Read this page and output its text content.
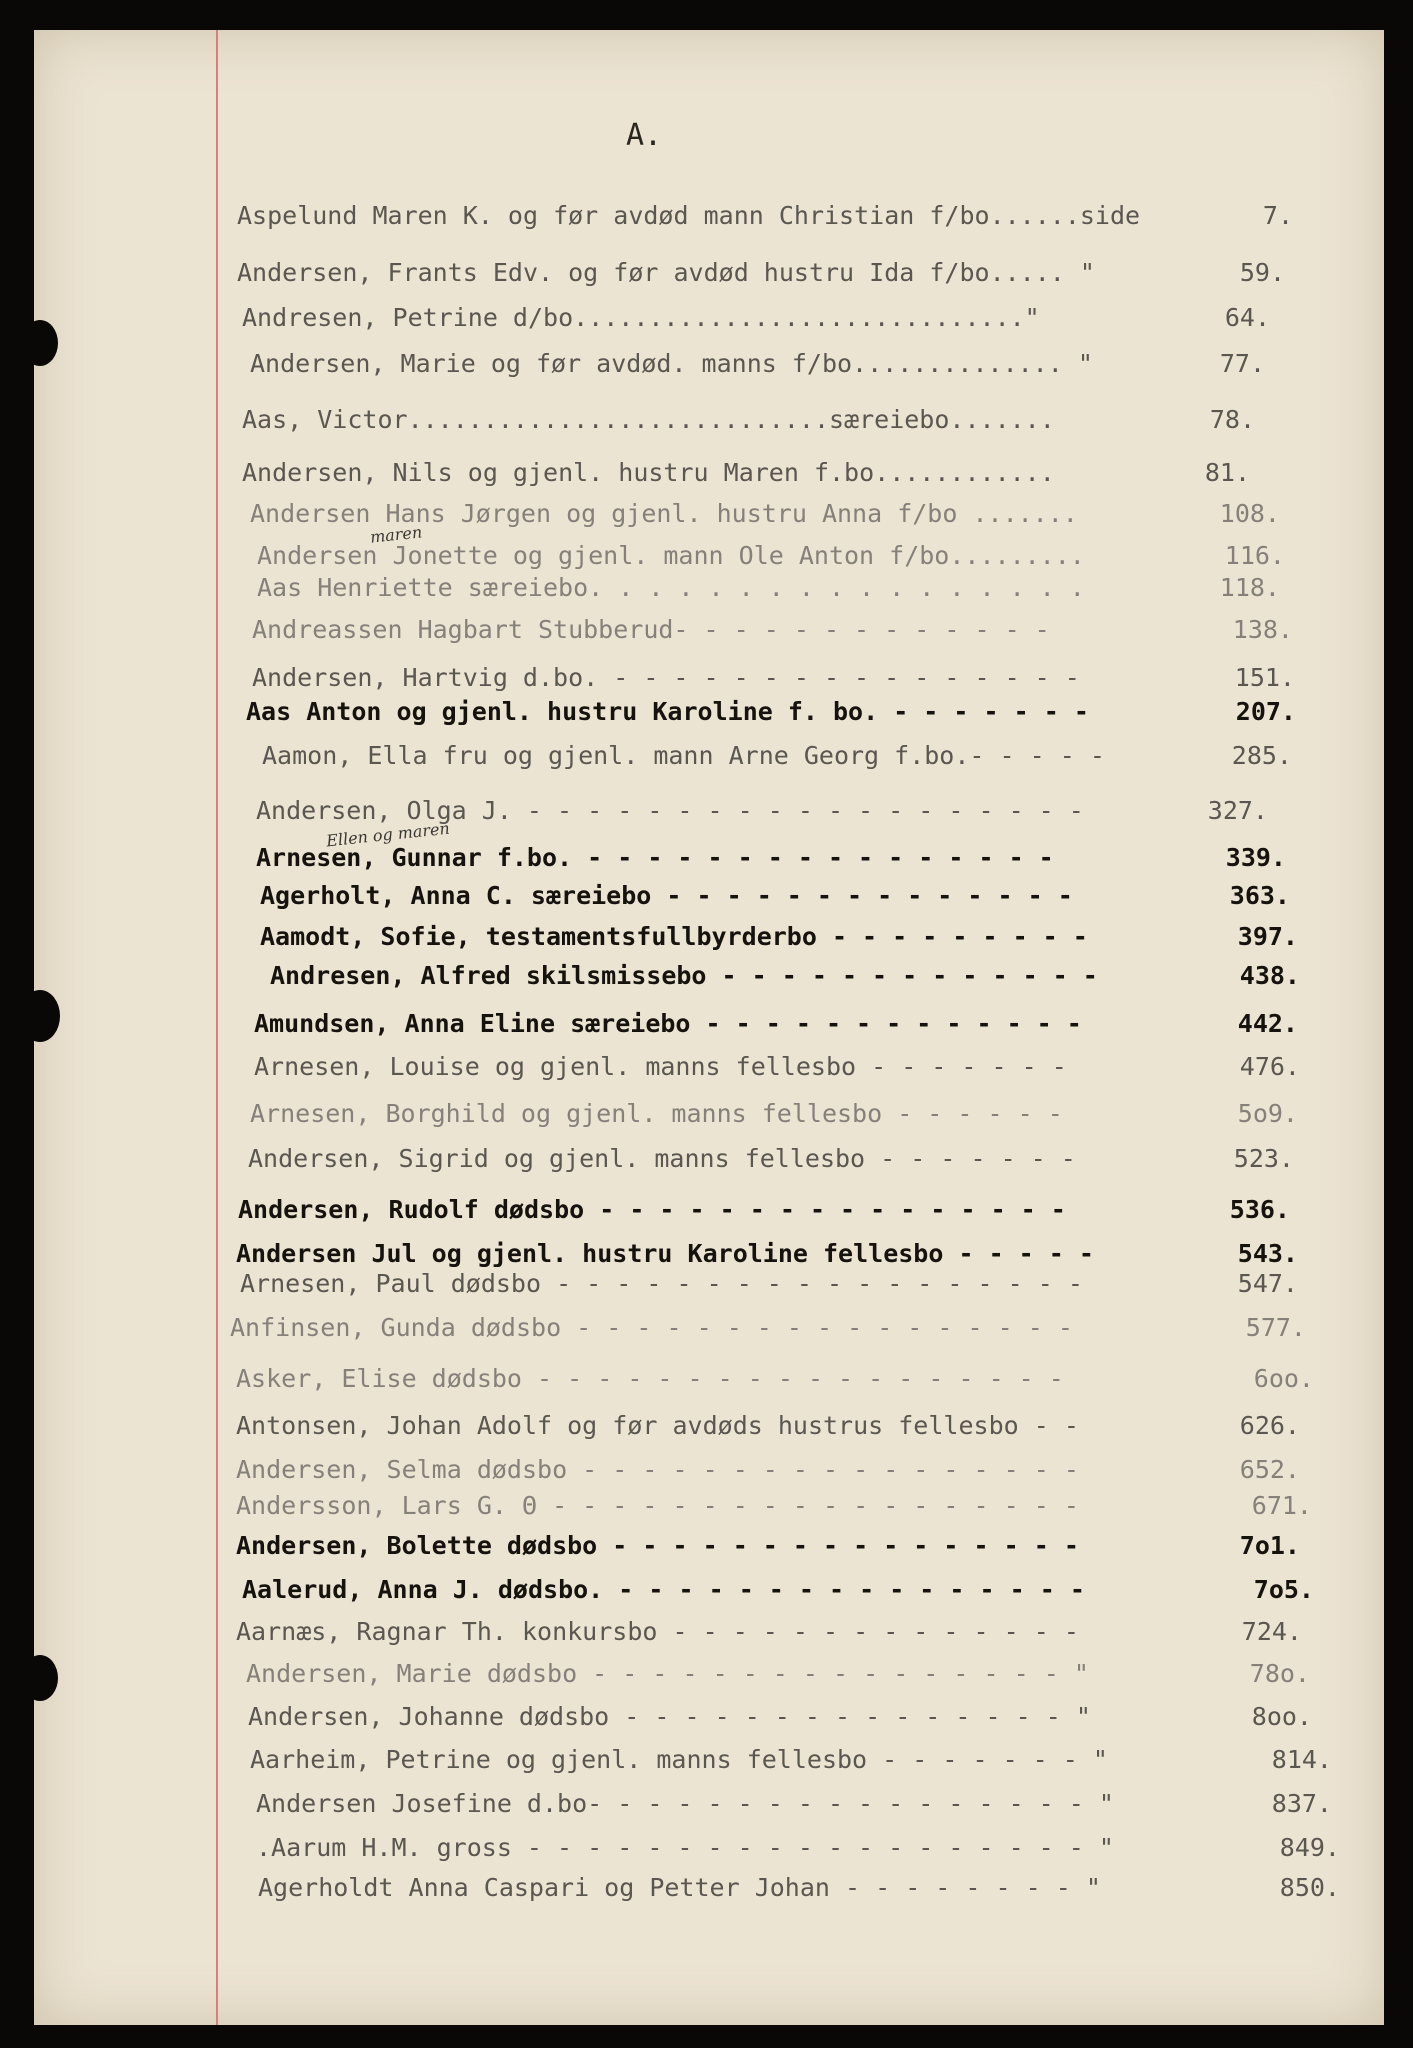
A.
Aspelund Maren K. og før avdød mann Christian f/bo......side	7.
Andersen, Frants Edv. og før avdød hustru Ida f/bo..... "	59.
Andresen, Petrine d/bo.............................."	64.
Andersen, Marie og før avdød. manns f/bo.............. "	77.
Aas, Victor............................særeiebo.......	78.
Andersen, Nils og gjenl. hustru Maren f.bo............	81.
Andersen Hans Jørgen og gjenl. hustru Anna f/bo .......	108.
Andersen Jonette og gjenl. mann Ole Anton f/bo.........	116.
Aas Henriette særeiebo. . . . . . . . . . . . . . . . .	118.
Andreassen Hagbart Stubberud- - - - - - - - - - - - -	138.
Andersen, Hartvig d.bo. - - - - - - - - - - - - - - - -	151.
Aas Anton og gjenl. hustru Karoline f. bo. - - - - - - -	207.
Aamon, Ella fru og gjenl. mann Arne Georg f.bo.- - - - -	285.
Andersen, Olga J. - - - - - - - - - - - - - - - - - - -	327.
Arnesen, Gunnar f.bo. - - - - - - - - - - - - - - - -	339.
Agerholt, Anna C. særeiebo - - - - - - - - - - - - - -	363.
Aamodt, Sofie, testamentsfullbyrderbo - - - - - - - - -	397.
Andresen, Alfred skilsmissebo - - - - - - - - - - - - -	438.
Amundsen, Anna Eline særeiebo - - - - - - - - - - - - -	442.
Arnesen, Louise og gjenl. manns fellesbo - - - - - - -	476.
Arnesen, Borghild og gjenl. manns fellesbo - - - - - -	5o9.
Andersen, Sigrid og gjenl. manns fellesbo - - - - - - -	523.
Andersen, Rudolf dødsbo - - - - - - - - - - - - - - - -	536.
Andersen Jul og gjenl. hustru Karoline fellesbo - - - - -	543.
Arnesen, Paul dødsbo - - - - - - - - - - - - - - - - - -	547.
Anfinsen, Gunda dødsbo - - - - - - - - - - - - - - - - -	577.
Asker, Elise dødsbo - - - - - - - - - - - - - - - - - -	6oo.
Antonsen, Johan Adolf og før avdøds hustrus fellesbo - -	626.
Andersen, Selma dødsbo - - - - - - - - - - - - - - - - -	652.
Andersson, Lars G. Θ - - - - - - - - - - - - - - - - - -	671.
Andersen, Bolette dødsbo - - - - - - - - - - - - - - - -	7o1.
Aalerud, Anna J. dødsbo. - - - - - - - - - - - - - - - -	7o5.
Aarnæs, Ragnar Th. konkursbo - - - - - - - - - - - - - -	724.
Andersen, Marie dødsbo - - - - - - - - - - - - - - - - "	78o.
Andersen, Johanne dødsbo - - - - - - - - - - - - - - - "	8oo.
Aarheim, Petrine og gjenl. manns fellesbo - - - - - - - "	814.
Andersen Josefine d.bo- - - - - - - - - - - - - - - - - "	837.
.Aarum H.M. gross - - - - - - - - - - - - - - - - - - - "	849.
Agerholdt Anna Caspari og Petter Johan - - - - - - - - "	850.
maren
Ellen og maren
